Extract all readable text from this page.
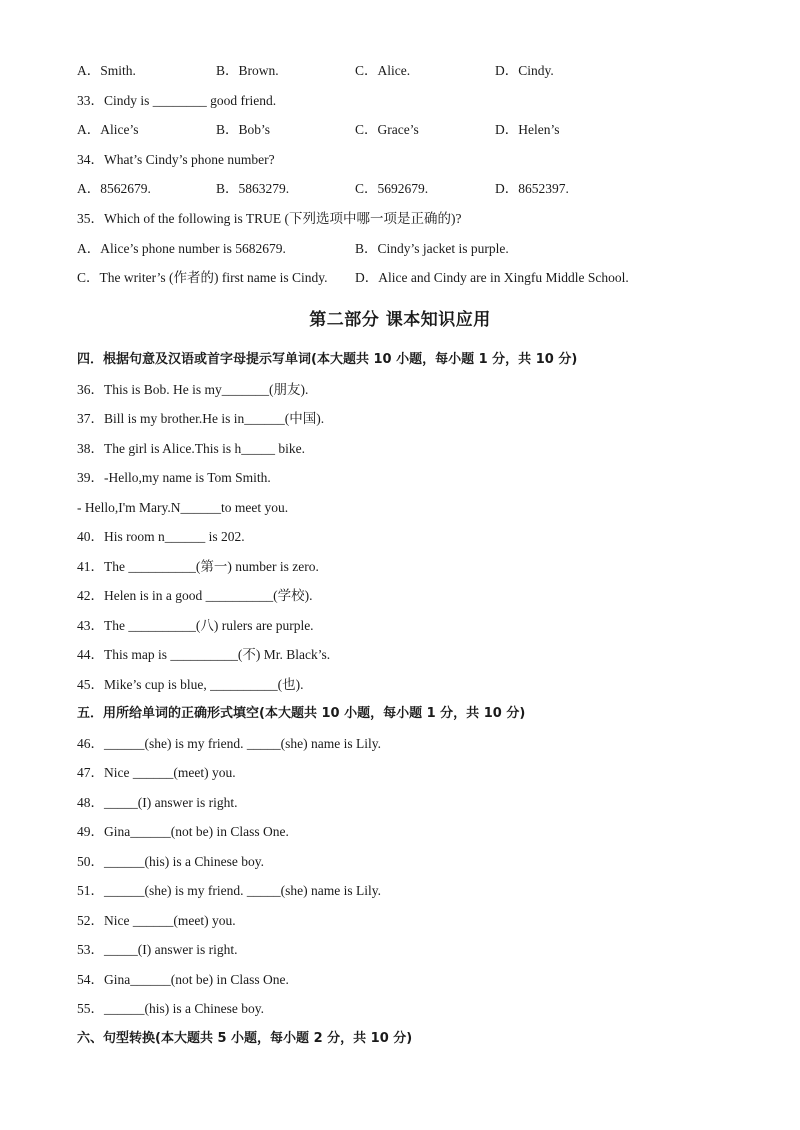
A．Smith.

	B．Brown.

	C．Alice.

	D．Cindy.

33．Cindy is ________ good friend.

A．Alice’s

	B．Bob’s

	C．Grace’s

	D．Helen’s

34．What’s Cindy’s phone number?

A．8562679.

	B．5863279.

	C．5692679.

	D．8652397.

35．Which of the following is TRUE (下列选项中哪一项是正确的)?

A．Alice’s phone number is 5682679.

	B．Cindy’s jacket is purple.

C．The writer’s (作者的) first name is Cindy.

D．Alice and Cindy are in Xingfu Middle School.

第二部分 课本知识应用
四．根据句意及汉语或首字母提示写单词(本大题共 10 小题，每小题 1 分，共 10 分)
36．This is Bob. He is my_______(朋友).
37．Bill is my brother.He is in______(中国).
38．The girl is Alice.This is h_____ bike.
39．-Hello,my name is Tom Smith.
- Hello,I'm Mary.N______to meet you.
40．His room n______ is 202.
41．The __________(第一) number is zero.
42．Helen is in a good __________(学校).
43．The __________(八) rulers are purple.
44．This map is __________(不) Mr. Black’s.
45．Mike’s cup is blue, __________(也).
五．用所给单词的正确形式填空(本大题共 10 小题，每小题 1 分，共 10 分)
46．______(she) is my friend. _____(she) name is Lily.
47．Nice ______(meet) you.
48．_____(I) answer is right.
49．Gina______(not be) in Class One.
50．______(his) is a Chinese boy.
51．______(she) is my friend. _____(she) name is Lily.
52．Nice ______(meet) you.
53．_____(I) answer is right.
54．Gina______(not be) in Class One.
55．______(his) is a Chinese boy.
六、句型转换(本大题共 5 小题，每小题 2 分，共 10 分)
